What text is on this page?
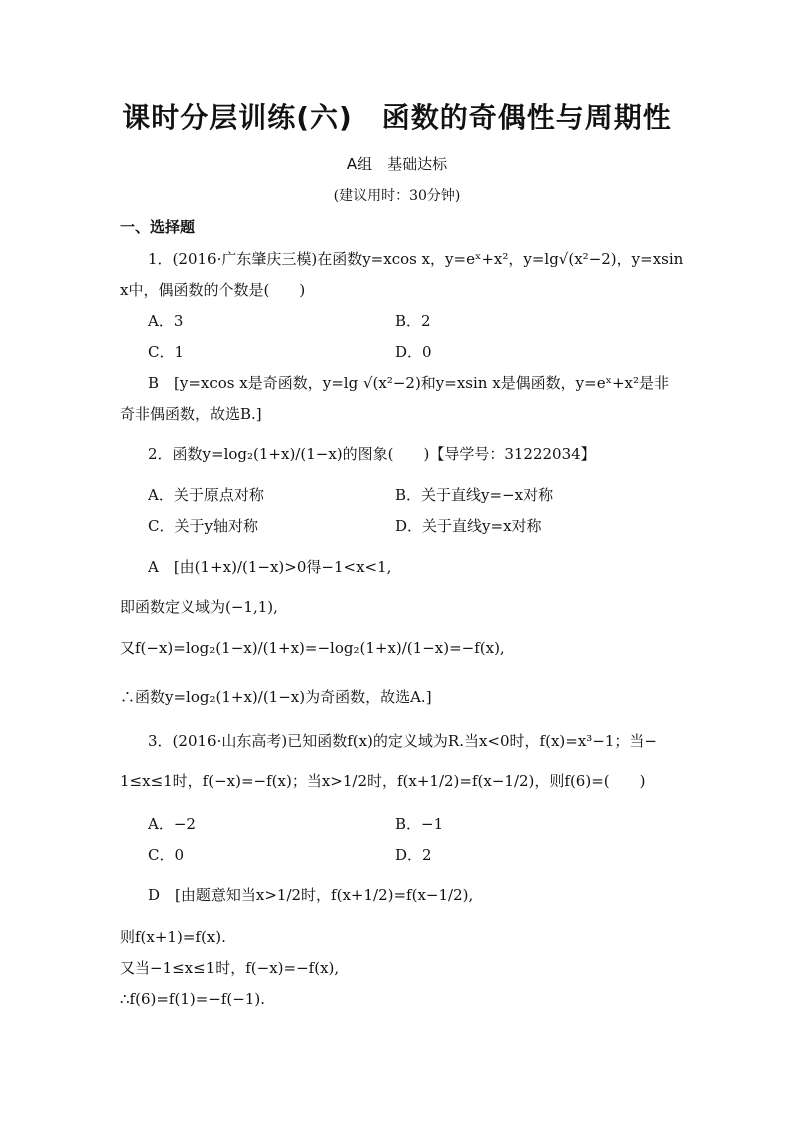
课时分层训练(六)　函数的奇偶性与周期性
A组　基础达标
(建议用时：30分钟)
一、选择题
1．(2016·广东肇庆三模)在函数y=xcos x，y=eˣ+x²，y=lg√(x²−2)，y=xsin
x中，偶函数的个数是(　　)
A．3	B．2
C．1	D．0
B　[y=xcos x是奇函数，y=lg √(x²−2)和y=xsin x是偶函数，y=eˣ+x²是非
奇非偶函数，故选B.]
2．函数y=log₂(1+x)/(1−x)的图象(　　)【导学号：31222034】
A．关于原点对称	B．关于直线y=−x对称
C．关于y轴对称	D．关于直线y=x对称
A　[由(1+x)/(1−x)>0得−1<x<1,
即函数定义域为(−1,1),
又f(−x)=log₂(1−x)/(1+x)=−log₂(1+x)/(1−x)=−f(x),
∴函数y=log₂(1+x)/(1−x)为奇函数，故选A.]
3．(2016·山东高考)已知函数f(x)的定义域为R.当x<0时，f(x)=x³−1；当−
1≤x≤1时，f(−x)=−f(x)；当x>1/2时，f(x+1/2)=f(x−1/2)，则f(6)=(　　)
A．−2	B．−1
C．0	D．2
D　[由题意知当x>1/2时，f(x+1/2)=f(x−1/2),
则f(x+1)=f(x).
又当−1≤x≤1时，f(−x)=−f(x),
∴f(6)=f(1)=−f(−1).
